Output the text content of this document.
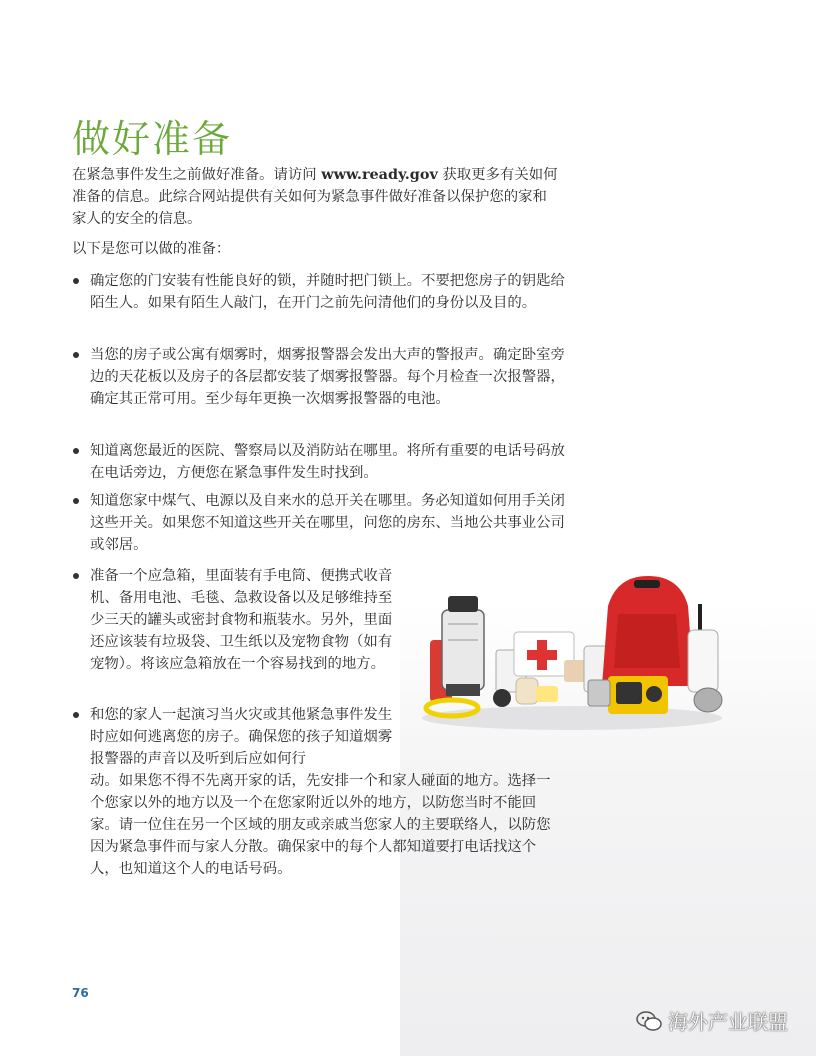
做好准备

在紧急事件发生之前做好准备。请访问 www.ready.gov 获取更多有关如何准备的信息。此综合网站提供有关如何为紧急事件做好准备以保护您的家和家人的安全的信息。

以下是您可以做的准备：

确定您的门安装有性能良好的锁，并随时把门锁上。不要把您房子的钥匙给陌生人。如果有陌生人敲门，在开门之前先问清他们的身份以及目的。
当您的房子或公寓有烟雾时，烟雾报警器会发出大声的警报声。确定卧室旁边的天花板以及房子的各层都安装了烟雾报警器。每个月检查一次报警器，确定其正常可用。至少每年更换一次烟雾报警器的电池。
知道离您最近的医院、警察局以及消防站在哪里。将所有重要的电话号码放在电话旁边，方便您在紧急事件发生时找到。
知道您家中煤气、电源以及自来水的总开关在哪里。务必知道如何用手关闭这些开关。如果您不知道这些开关在哪里，问您的房东、当地公共事业公司或邻居。
准备一个应急箱，里面装有手电筒、便携式收音机、备用电池、毛毯、急救设备以及足够维持至少三天的罐头或密封食物和瓶装水。另外，里面还应该装有垃圾袋、卫生纸以及宠物食物（如有宠物）。将该应急箱放在一个容易找到的地方。
和您的家人一起演习当火灾或其他紧急事件发生时应如何逃离您的房子。确保您的孩子知道烟雾报警器的声音以及听到后应如何行
动。如果您不得不先离开家的话，先安排一个和家人碰面的地方。选择一个您家以外的地方以及一个在您家附近以外的地方，以防您当时不能回家。请一位住在另一个区域的朋友或亲戚当您家人的主要联络人，以防您因为紧急事件而与家人分散。确保家中的每个人都知道要打电话找这个人，也知道这个人的电话号码。
76
海外产业联盟
